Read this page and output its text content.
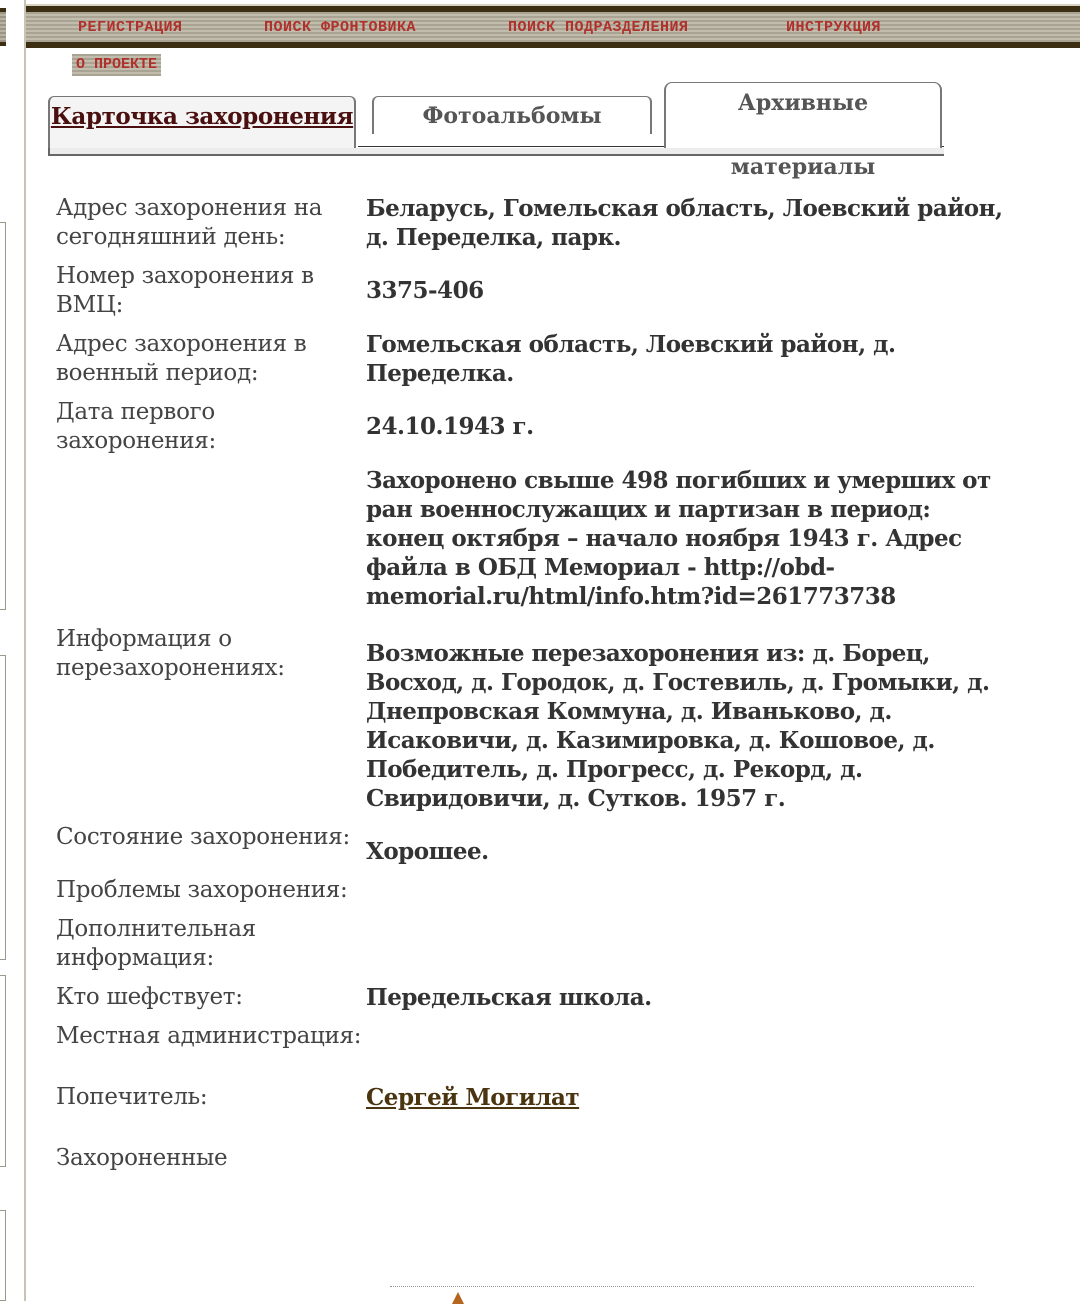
РЕГИСТРАЦИЯ	ПОИСК ФРОНТОВИКА	ПОИСК ПОДРАЗДЕЛЕНИЯ	ИНСТРУКЦИЯ
О ПРОЕКТЕ
Карточка захоронения	Фотоальбомы	Архивные

материалы
Адрес захоронения на сегодняшний день:
Беларусь, Гомельская область, Лоевский район, д. Переделка, парк.
Номер захоронения в ВМЦ:
3375-406
Адрес захоронения в военный период:
Гомельская область, Лоевский район, д. Переделка.
Дата первого захоронения:
24.10.1943 г.
Захоронено свыше 498 погибших и умерших от ран военнослужащих и партизан в период: конец октября – начало ноября 1943 г. Адрес файла в ОБД Мемориал - http://obd-memorial.ru/html/info.htm?id=261773738
Информация о перезахоронениях:
Возможные перезахоронения из: д. Борец, Восход, д. Городок, д. Гостевиль, д. Громыки, д. Днепровская Коммуна, д. Иваньково, д. Исаковичи, д. Казимировка, д. Кошовое, д. Победитель, д. Прогресс, д. Рекорд, д. Свиридовичи, д. Сутков. 1957 г.
Состояние захоронения:
Хорошее.
Проблемы захоронения:
Дополнительная информация:
Кто шефствует:	Передельская школа.
Местная администрация:
Попечитель:	Сергей Могилат
Захороненные
